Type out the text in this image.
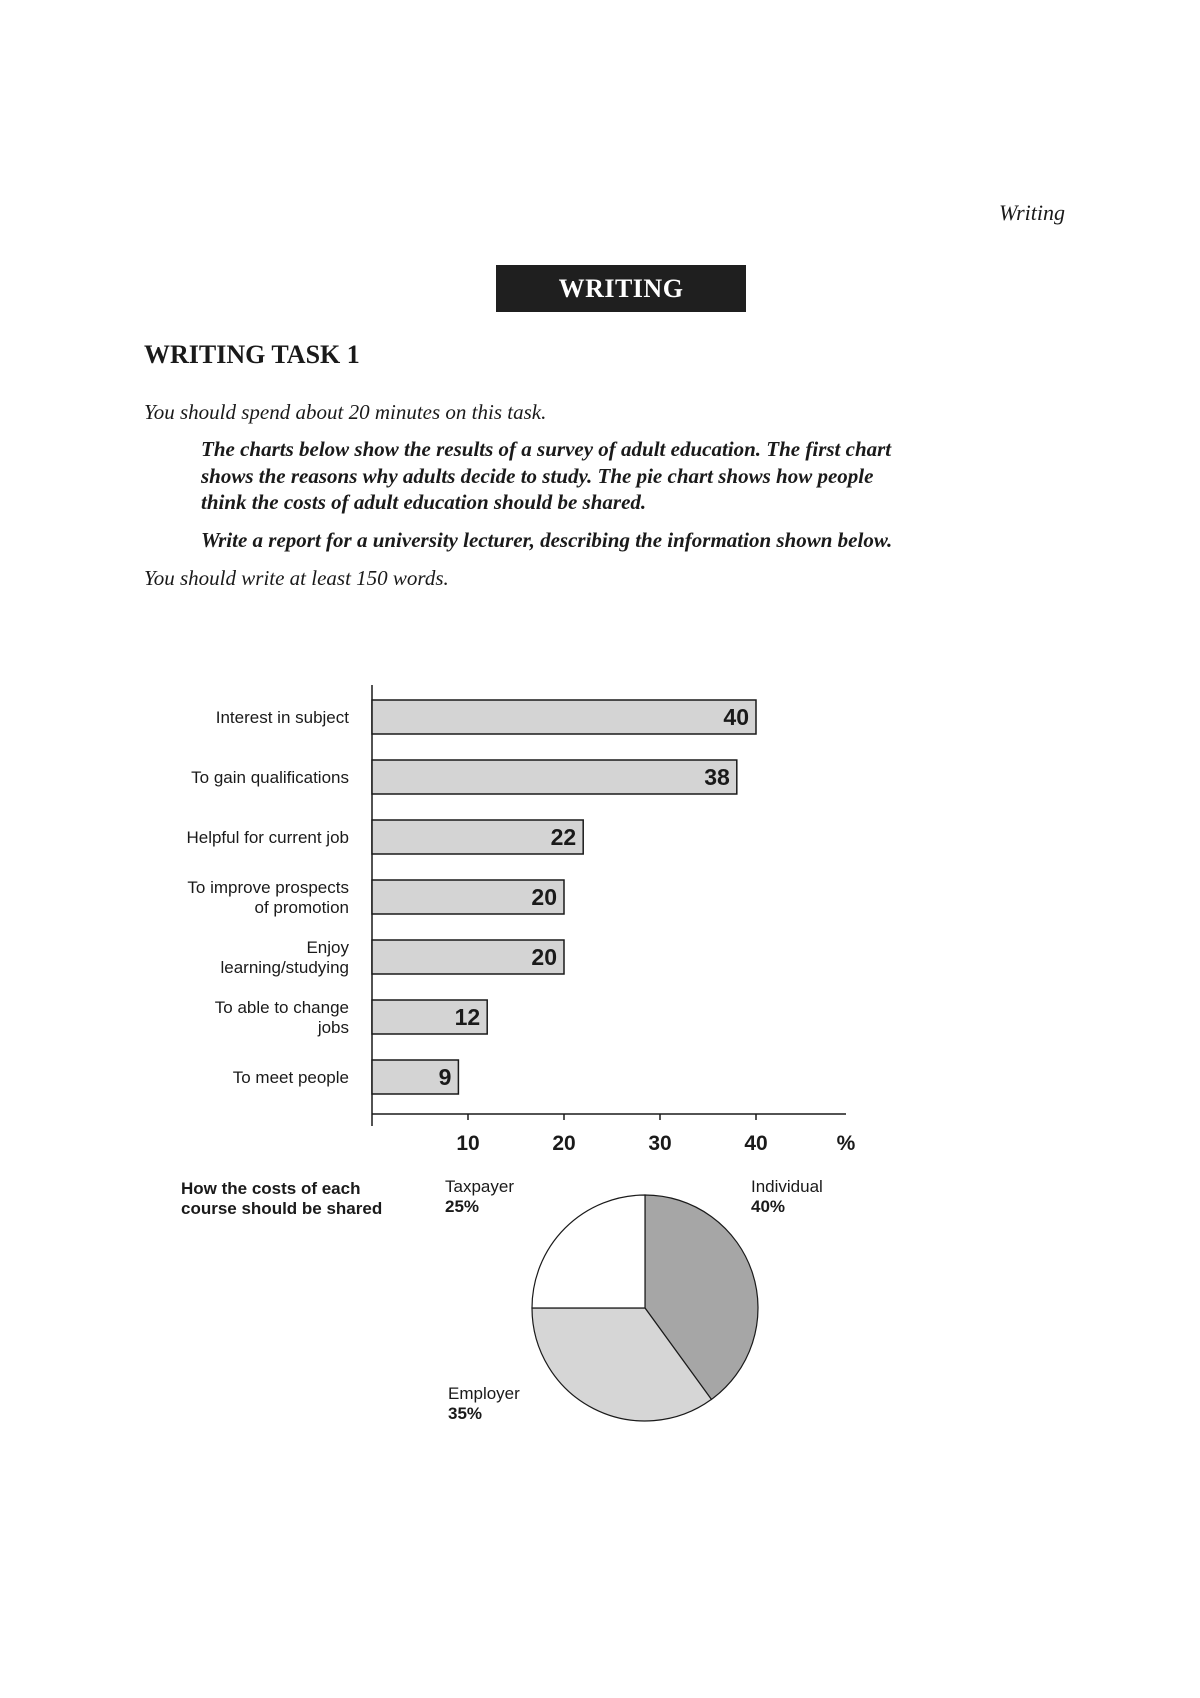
Writing
WRITING
WRITING TASK 1
You should spend about 20 minutes on this task.
The charts below show the results of a survey of adult education. The first chart
shows the reasons why adults decide to study. The pie chart shows how people
think the costs of adult education should be shared.
Write a report for a university lecturer, describing the information shown below.
You should write at least 150 words.
10	20	30	40	%
40
Interest in subject
38
To gain qualifications
22
Helpful for current job
20
To improve prospects
of promotion
20
Enjoy
learning/studying
12
To able to change
jobs
9
To meet people
How the costs of each
course should be shared
Individual
40%
Employer
35%
Taxpayer
25%
